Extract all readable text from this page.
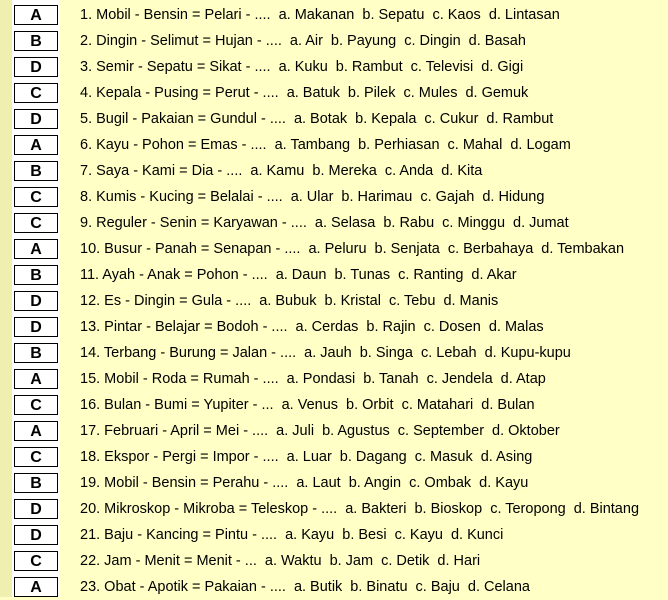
A	1. Mobil - Bensin = Pelari - .... a. Makanan b. Sepatu c. Kaos d. Lintasan
B	2. Dingin - Selimut = Hujan - .... a. Air b. Payung c. Dingin d. Basah
D	3. Semir - Sepatu = Sikat - .... a. Kuku b. Rambut c. Televisi d. Gigi
C	4. Kepala - Pusing = Perut - .... a. Batuk b. Pilek c. Mules d. Gemuk
D	5. Bugil - Pakaian = Gundul - .... a. Botak b. Kepala c. Cukur d. Rambut
A	6. Kayu - Pohon = Emas - .... a. Tambang b. Perhiasan c. Mahal d. Logam
B	7. Saya - Kami = Dia - .... a. Kamu b. Mereka c. Anda d. Kita
C	8. Kumis - Kucing = Belalai - .... a. Ular b. Harimau c. Gajah d. Hidung
C	9. Reguler - Senin = Karyawan - .... a. Selasa b. Rabu c. Minggu d. Jumat
A	10. Busur - Panah = Senapan - .... a. Peluru b. Senjata c. Berbahaya d. Tembakan
B	11. Ayah - Anak = Pohon - .... a. Daun b. Tunas c. Ranting d. Akar
D	12. Es - Dingin = Gula - .... a. Bubuk b. Kristal c. Tebu d. Manis
D	13. Pintar - Belajar = Bodoh - .... a. Cerdas b. Rajin c. Dosen d. Malas
B	14. Terbang - Burung = Jalan - .... a. Jauh b. Singa c. Lebah d. Kupu-kupu
A	15. Mobil - Roda = Rumah - .... a. Pondasi b. Tanah c. Jendela d. Atap
C	16. Bulan - Bumi = Yupiter - ... a. Venus b. Orbit c. Matahari d. Bulan
A	17. Februari - April = Mei - .... a. Juli b. Agustus c. September d. Oktober
C	18. Ekspor - Pergi = Impor - .... a. Luar b. Dagang c. Masuk d. Asing
B	19. Mobil - Bensin = Perahu - .... a. Laut b. Angin c. Ombak d. Kayu
D	20. Mikroskop - Mikroba = Teleskop - .... a. Bakteri b. Bioskop c. Teropong d. Bintang
D	21. Baju - Kancing = Pintu - .... a. Kayu b. Besi c. Kayu d. Kunci
C	22. Jam - Menit = Menit - ... a. Waktu b. Jam c. Detik d. Hari
A	23. Obat - Apotik = Pakaian - .... a. Butik b. Binatu c. Baju d. Celana
